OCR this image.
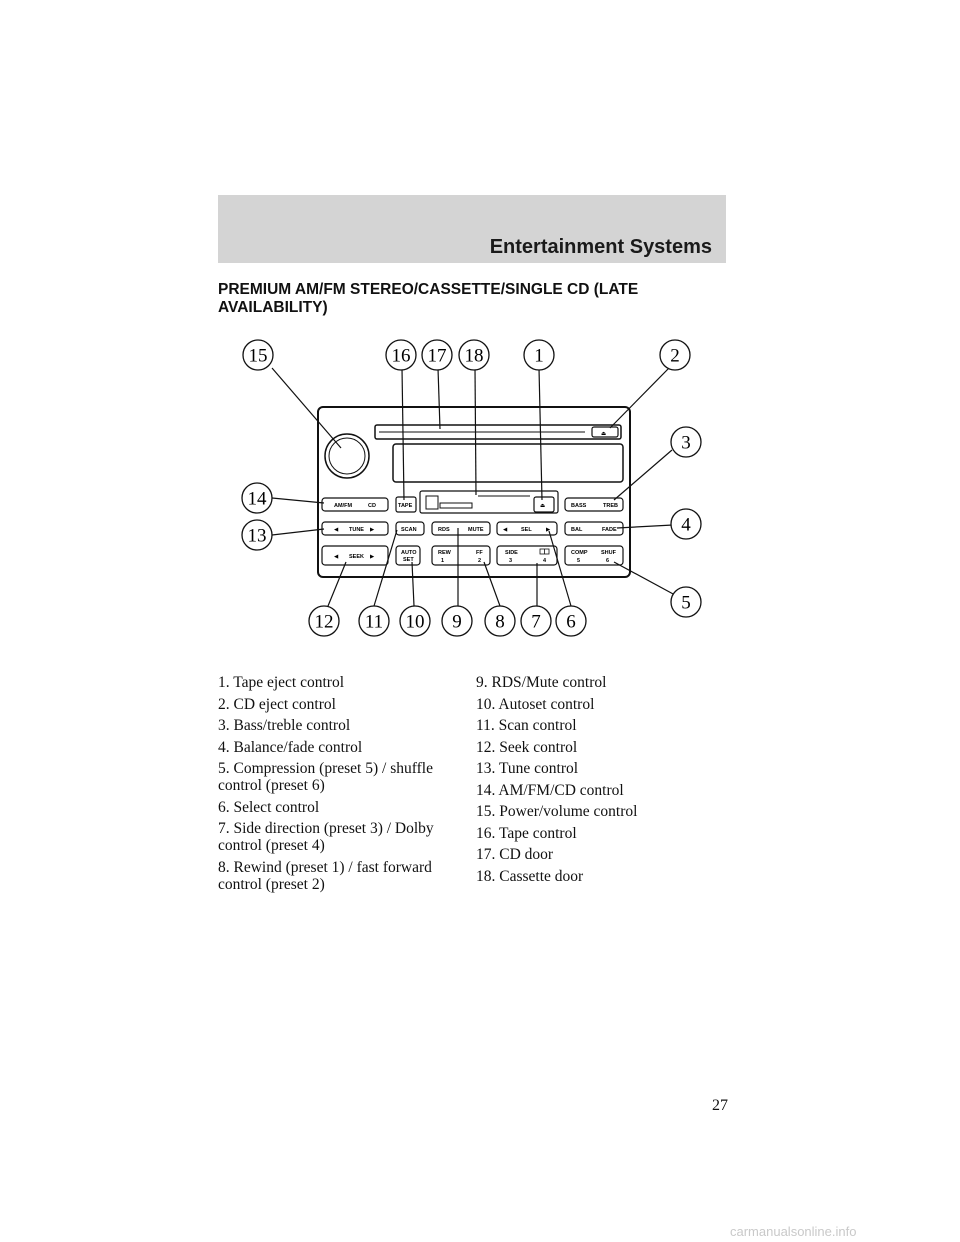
Entertainment Systems
PREMIUM AM/FM STEREO/CASSETTE/SINGLE CD (LATE AVAILABILITY)
⏏
AM/FM	CD	TAPE	⏏	BASS	TREB
◀ TUNE ▶	SCAN	RDS	MUTE	◀	SEL	▶	BAL	FADE
◀ SEEK ▶
AUTO
SET
REW
1
FF
2
SIDE
3	4
COMP
5
SHUF
6
15	16 17 18	1	2
3
14
4
13
5
12 11 10 9 8 7 6
1. Tape eject control
2. CD eject control
3. Bass/treble control
4. Balance/fade control
5. Compression (preset 5) / shuffle control (preset 6)
6. Select control
7. Side direction (preset 3) / Dolby control (preset 4)
8. Rewind (preset 1) / fast forward control (preset 2)
9. RDS/Mute control
10. Autoset control
11. Scan control
12. Seek control
13. Tune control
14. AM/FM/CD control
15. Power/volume control
16. Tape control
17. CD door
18. Cassette door
27
carmanualsonline.info
